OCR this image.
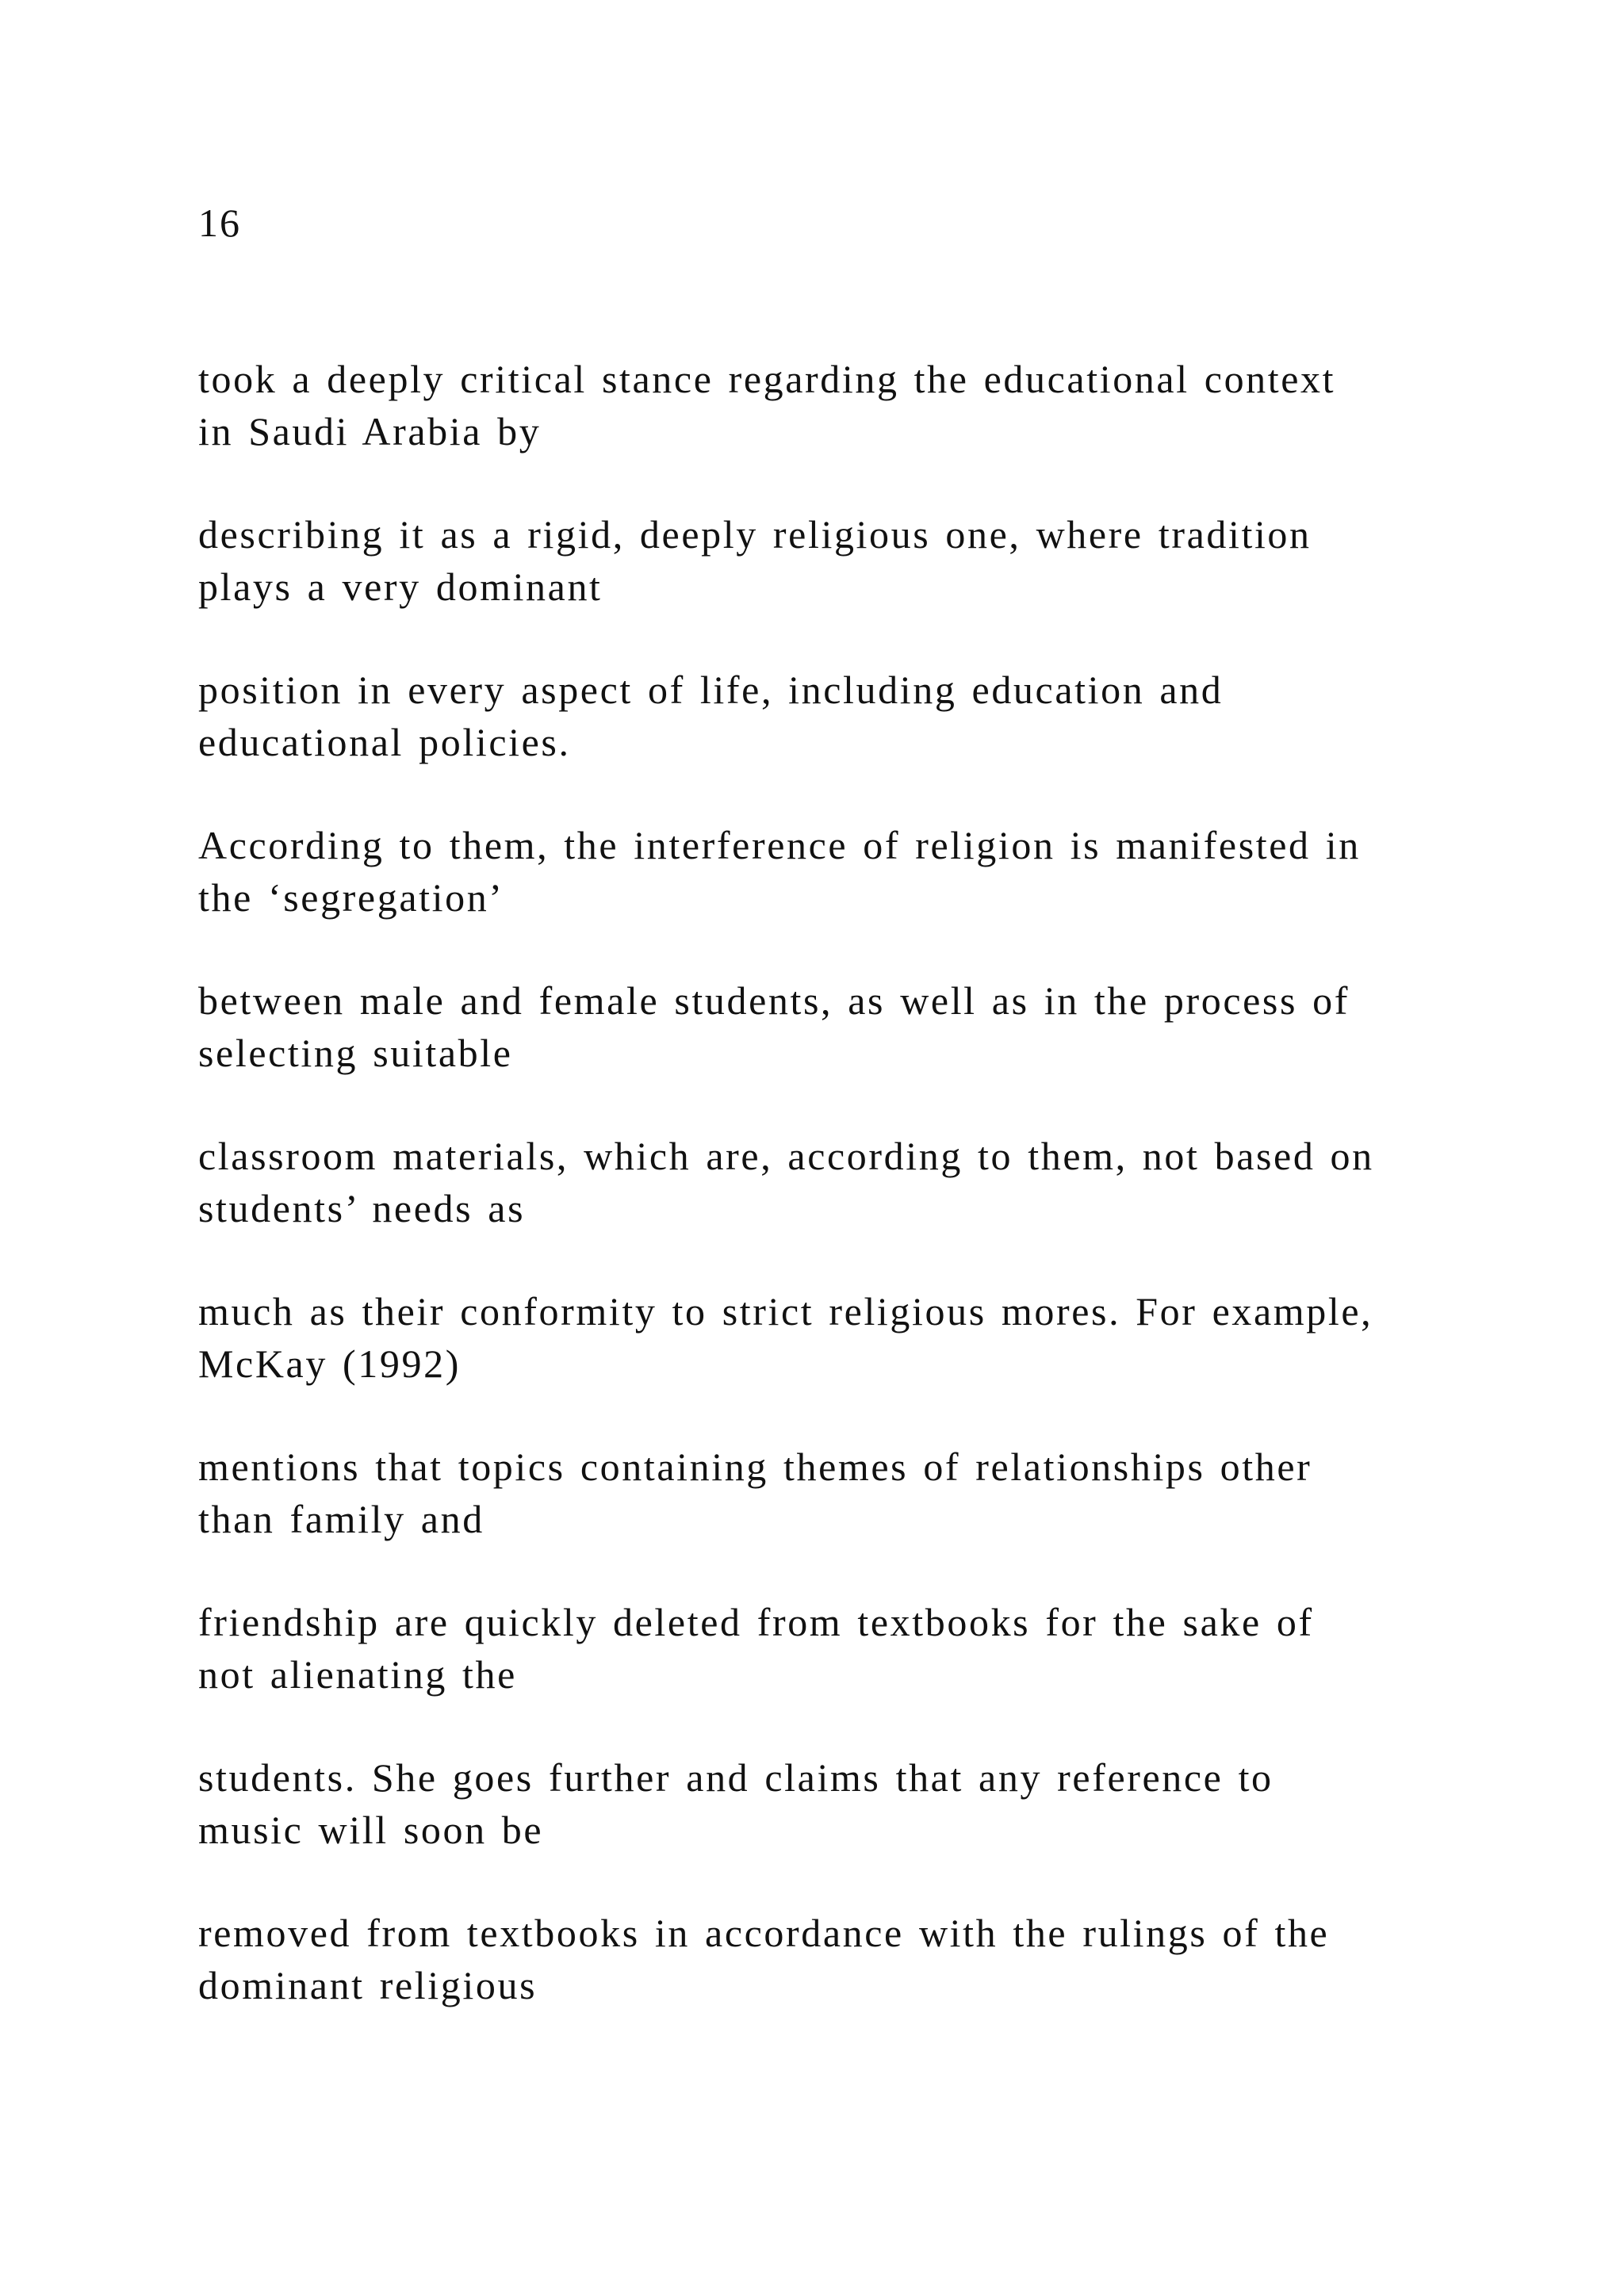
16

took a deeply critical stance regarding the educational context
in Saudi Arabia by

describing it as a rigid, deeply religious one, where tradition
plays a very dominant

position in every aspect of life, including education and
educational policies.

According to them, the interference of religion is manifested in
the ‘segregation’

between male and female students, as well as in the process of
selecting suitable

classroom materials, which are, according to them, not based on
students’ needs as

much as their conformity to strict religious mores. For example,
McKay (1992)

mentions that topics containing themes of relationships other
than family and

friendship are quickly deleted from textbooks for the sake of
not alienating the

students. She goes further and claims that any reference to
music will soon be

removed from textbooks in accordance with the rulings of the
dominant religious
